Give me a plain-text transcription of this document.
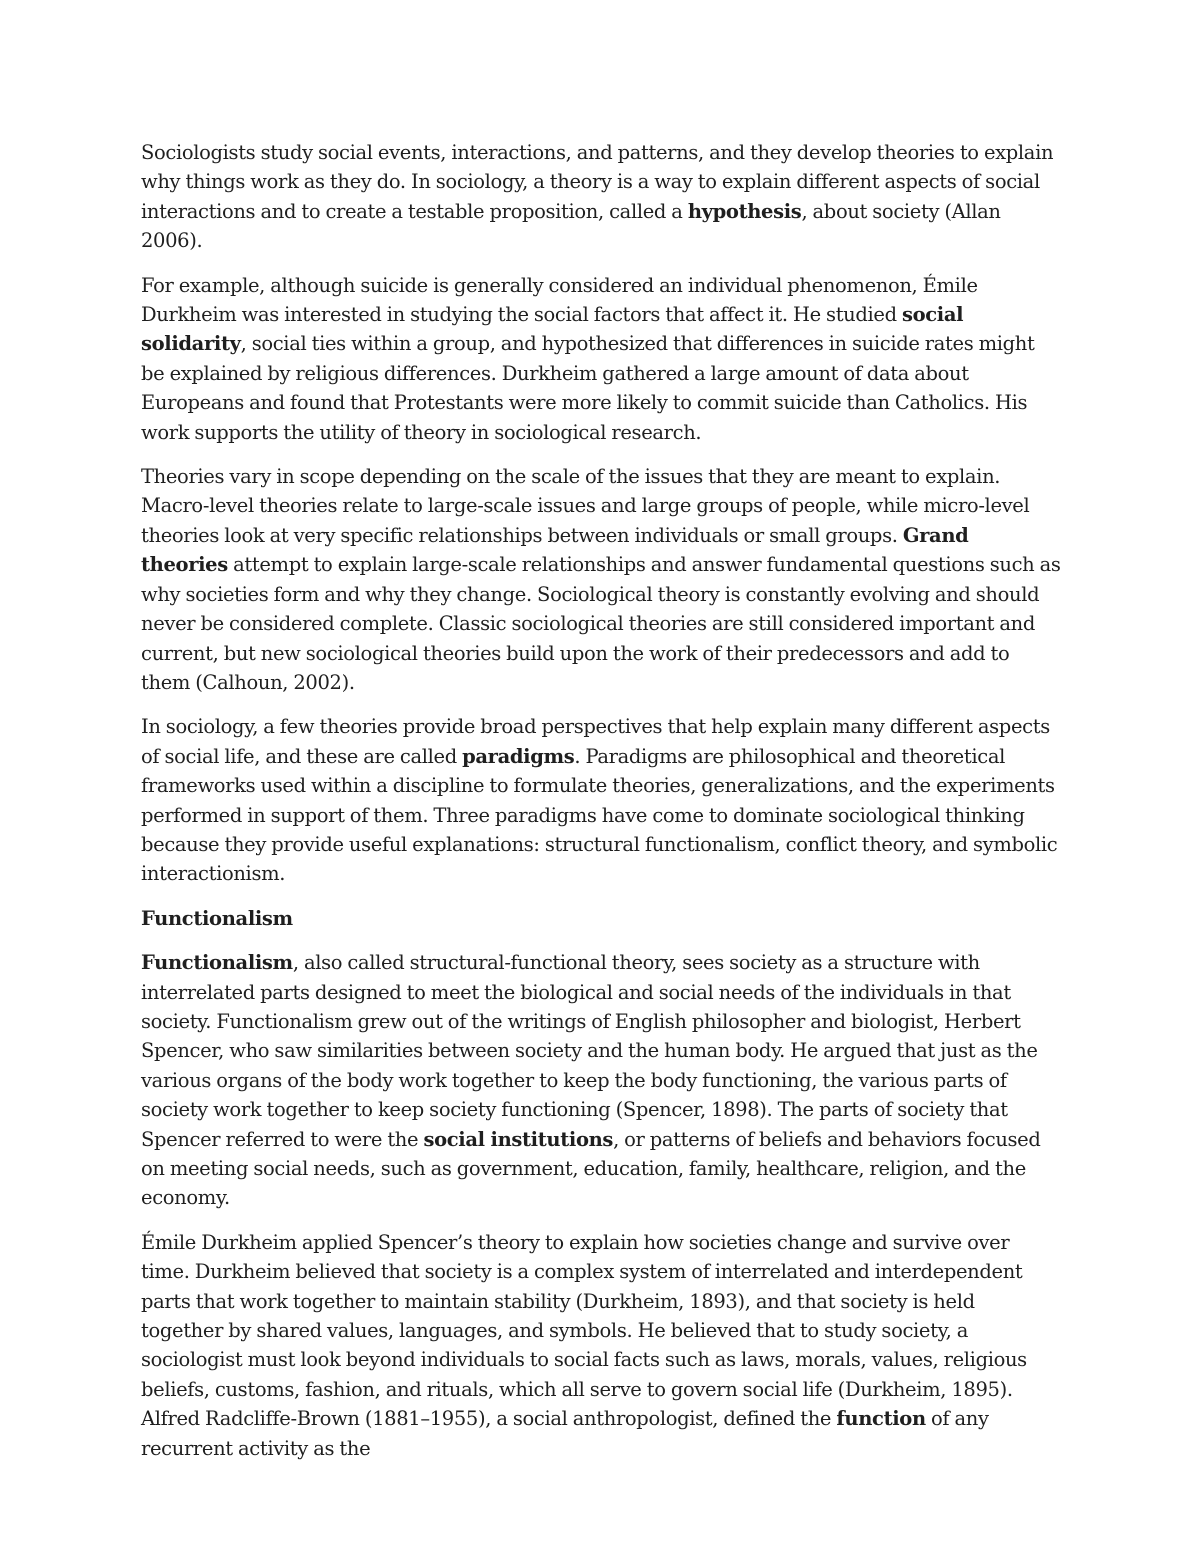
Sociologists study social events, interactions, and patterns, and they develop theories to explain why things work as they do. In sociology, a theory is a way to explain different aspects of social interactions and to create a testable proposition, called a hypothesis, about society (Allan 2006).

For example, although suicide is generally considered an individual phenomenon, Émile Durkheim was interested in studying the social factors that affect it. He studied social solidarity, social ties within a group, and hypothesized that differences in suicide rates might be explained by religious differences. Durkheim gathered a large amount of data about Europeans and found that Protestants were more likely to commit suicide than Catholics. His work supports the utility of theory in sociological research.

Theories vary in scope depending on the scale of the issues that they are meant to explain. Macro-level theories relate to large-scale issues and large groups of people, while micro-level theories look at very specific relationships between individuals or small groups. Grand theories attempt to explain large-scale relationships and answer fundamental questions such as why societies form and why they change. Sociological theory is constantly evolving and should never be considered complete. Classic sociological theories are still considered important and current, but new sociological theories build upon the work of their predecessors and add to them (Calhoun, 2002).

In sociology, a few theories provide broad perspectives that help explain many different aspects of social life, and these are called paradigms. Paradigms are philosophical and theoretical frameworks used within a discipline to formulate theories, generalizations, and the experiments performed in support of them. Three paradigms have come to dominate sociological thinking because they provide useful explanations: structural functionalism, conflict theory, and symbolic interactionism.

Functionalism

Functionalism, also called structural-functional theory, sees society as a structure with interrelated parts designed to meet the biological and social needs of the individuals in that society. Functionalism grew out of the writings of English philosopher and biologist, Herbert Spencer, who saw similarities between society and the human body. He argued that just as the various organs of the body work together to keep the body functioning, the various parts of society work together to keep society functioning (Spencer, 1898). The parts of society that Spencer referred to were the social institutions, or patterns of beliefs and behaviors focused on meeting social needs, such as government, education, family, healthcare, religion, and the economy.

Émile Durkheim applied Spencer’s theory to explain how societies change and survive over time. Durkheim believed that society is a complex system of interrelated and interdependent parts that work together to maintain stability (Durkheim, 1893), and that society is held together by shared values, languages, and symbols. He believed that to study society, a sociologist must look beyond individuals to social facts such as laws, morals, values, religious beliefs, customs, fashion, and rituals, which all serve to govern social life (Durkheim, 1895). Alfred Radcliffe-Brown (1881–1955), a social anthropologist, defined the function of any recurrent activity as the
